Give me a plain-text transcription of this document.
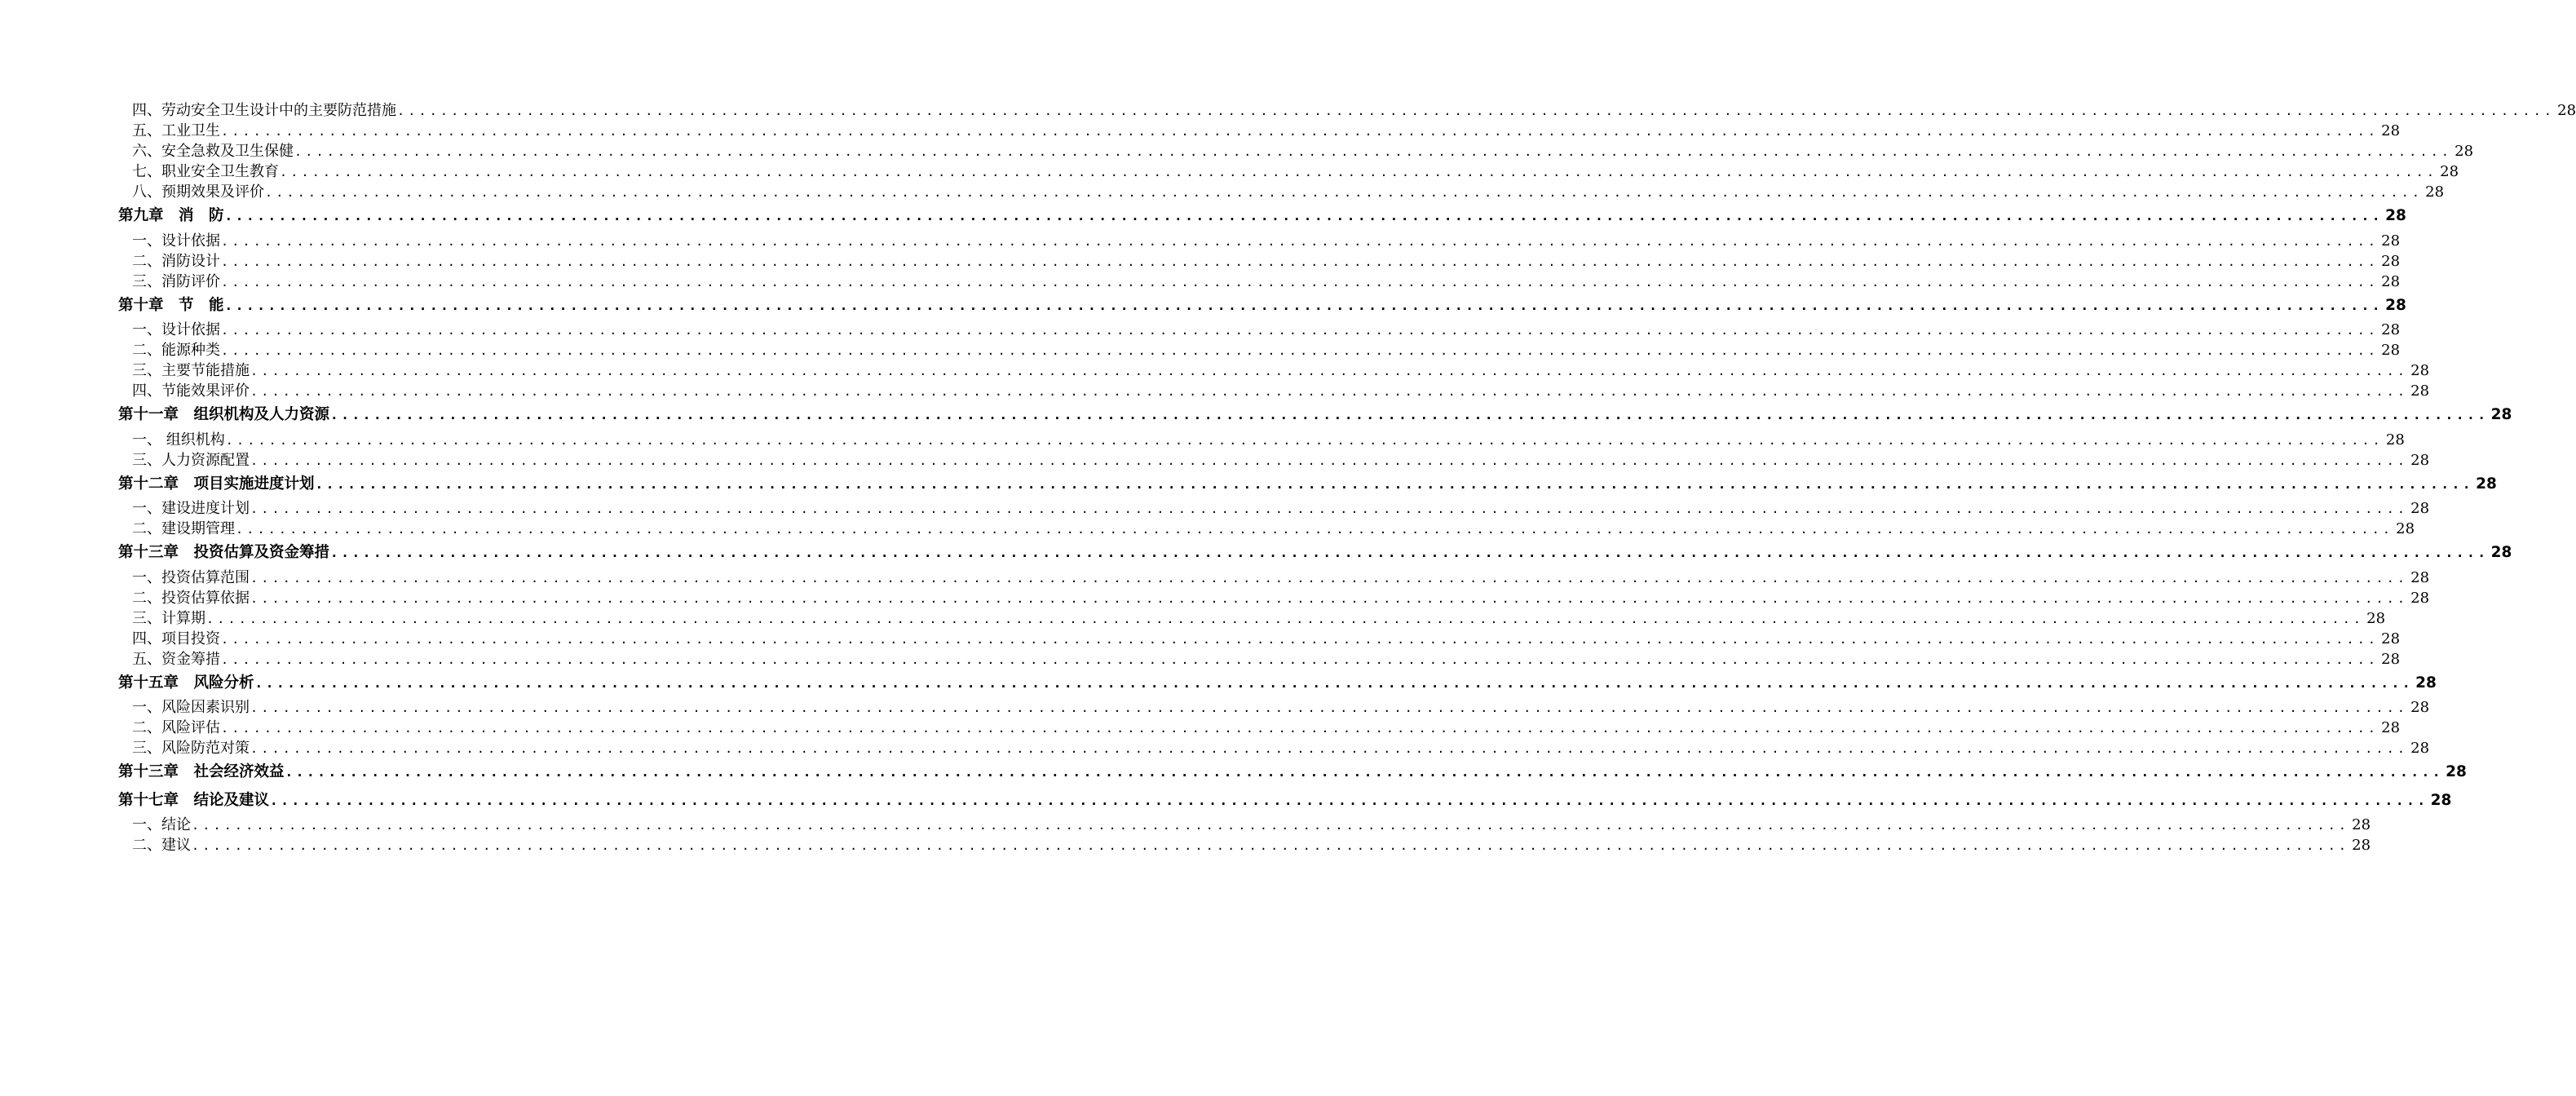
四、劳动安全卫生设计中的主要防范措施 ........................................................................................................................................................................................................ 28
五、工业卫生 ........................................................................................................................................................................................................ 28
六、安全急救及卫生保健 ........................................................................................................................................................................................................ 28
七、职业安全卫生教育 ........................................................................................................................................................................................................ 28
八、预期效果及评价 ........................................................................................................................................................................................................ 28
第九章　消　防 ........................................................................................................................................................................................................ 28
一、设计依据 ........................................................................................................................................................................................................ 28
二、消防设计 ........................................................................................................................................................................................................ 28
三、消防评价 ........................................................................................................................................................................................................ 28
第十章　节　能 ........................................................................................................................................................................................................ 28
一、设计依据 ........................................................................................................................................................................................................ 28
二、能源种类 ........................................................................................................................................................................................................ 28
三、主要节能措施 ........................................................................................................................................................................................................ 28
四、节能效果评价 ........................................................................................................................................................................................................ 28
第十一章　组织机构及人力资源 ........................................................................................................................................................................................................ 28
一、 组织机构 ........................................................................................................................................................................................................ 28
三、人力资源配置 ........................................................................................................................................................................................................ 28
第十二章　项目实施进度计划 ........................................................................................................................................................................................................ 28
一、建设进度计划 ........................................................................................................................................................................................................ 28
二、建设期管理 ........................................................................................................................................................................................................ 28
第十三章　投资估算及资金筹措 ........................................................................................................................................................................................................ 28
一、投资估算范围 ........................................................................................................................................................................................................ 28
二、投资估算依据 ........................................................................................................................................................................................................ 28
三、计算期 ........................................................................................................................................................................................................ 28
四、项目投资 ........................................................................................................................................................................................................ 28
五、资金筹措 ........................................................................................................................................................................................................ 28
第十五章　风险分析 ........................................................................................................................................................................................................ 28
一、风险因素识别 ........................................................................................................................................................................................................ 28
二、风险评估 ........................................................................................................................................................................................................ 28
三、风险防范对策 ........................................................................................................................................................................................................ 28
第十三章　社会经济效益 ........................................................................................................................................................................................................ 28
第十七章　结论及建议 ........................................................................................................................................................................................................ 28
一、结论 ........................................................................................................................................................................................................ 28
二、建议 ........................................................................................................................................................................................................ 28
